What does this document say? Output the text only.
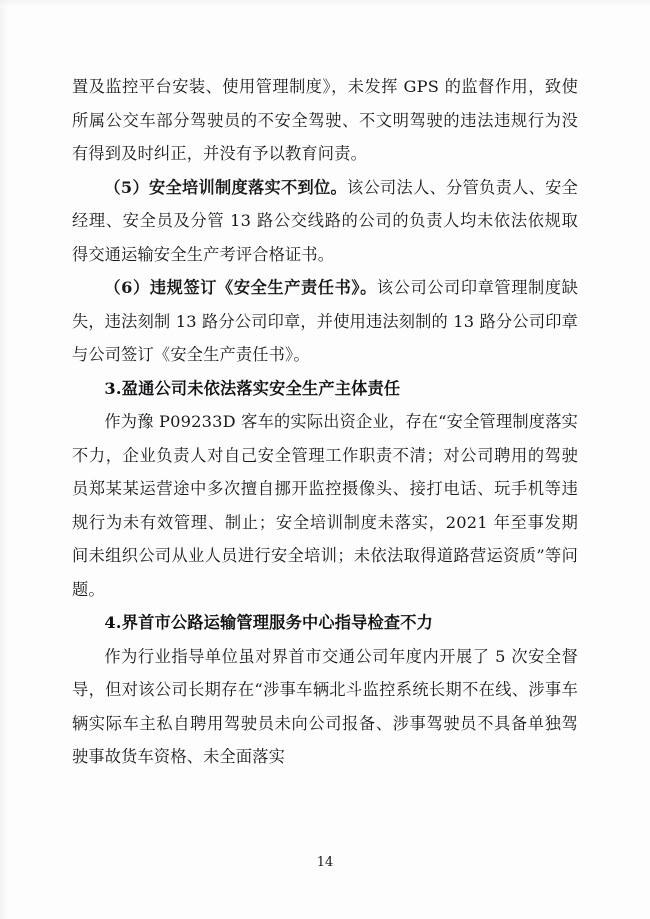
置及监控平台安装、使用管理制度》，未发挥 GPS 的监督作用，致使所属公交车部分驾驶员的不安全驾驶、不文明驾驶的违法违规行为没有得到及时纠正，并没有予以教育问责。

（5）安全培训制度落实不到位。该公司法人、分管负责人、安全经理、安全员及分管 13 路公交线路的公司的负责人均未依法依规取得交通运输安全生产考评合格证书。

（6）违规签订《安全生产责任书》。该公司公司印章管理制度缺失，违法刻制 13 路分公司印章，并使用违法刻制的 13 路分公司印章与公司签订《安全生产责任书》。

3.盈通公司未依法落实安全生产主体责任

作为豫 P09233D 客车的实际出资企业，存在“安全管理制度落实不力，企业负责人对自己安全管理工作职责不清；对公司聘用的驾驶员郑某某运营途中多次擅自挪开监控摄像头、接打电话、玩手机等违规行为未有效管理、制止；安全培训制度未落实，2021 年至事发期间未组织公司从业人员进行安全培训；未依法取得道路营运资质”等问题。

4.界首市公路运输管理服务中心指导检查不力

作为行业指导单位虽对界首市交通公司年度内开展了 5 次安全督导，但对该公司长期存在“涉事车辆北斗监控系统长期不在线、涉事车辆实际车主私自聘用驾驶员未向公司报备、涉事驾驶员不具备单独驾驶事故货车资格、未全面落实

14
